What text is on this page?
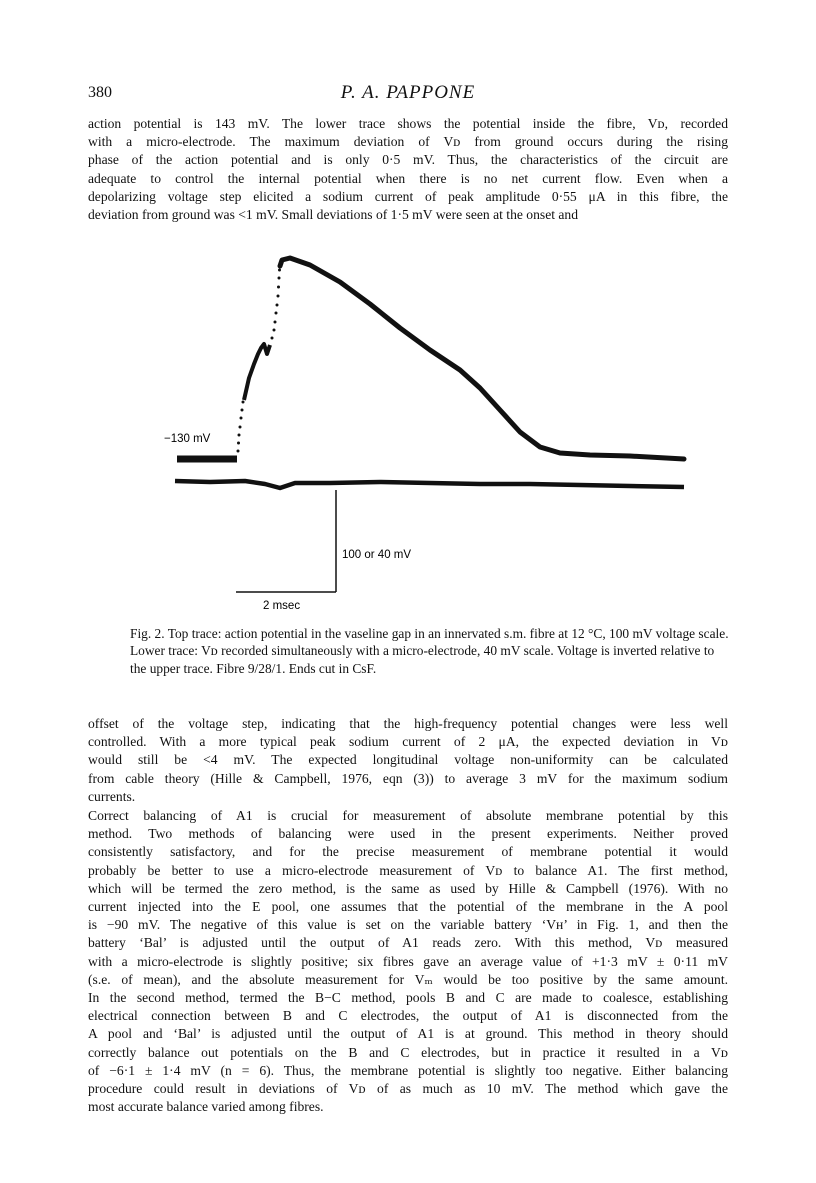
380	P. A. PAPPONE

action potential is 143 mV. The lower trace shows the potential inside the fibre, Vᴅ, recorded
with a micro-electrode. The maximum deviation of Vᴅ from ground occurs during the rising
phase of the action potential and is only 0·5 mV. Thus, the characteristics of the circuit are
adequate to control the internal potential when there is no net current flow. Even when a
depolarizing voltage step elicited a sodium current of peak amplitude 0·55 μA in this fibre, the
deviation from ground was <1 mV. Small deviations of 1·5 mV were seen at the onset and

−130 mV
100 or 40 mV
2 msec

Fig. 2. Top trace: action potential in the vaseline gap in an innervated s.m. fibre at 12 °C, 100 mV voltage scale. Lower trace: Vᴅ recorded simultaneously with a micro-electrode, 40 mV scale. Voltage is inverted relative to the upper trace. Fibre 9/28/1. Ends cut in CsF.

offset of the voltage step, indicating that the high-frequency potential changes were less well
controlled. With a more typical peak sodium current of 2 μA, the expected deviation in Vᴅ
would still be <4 mV. The expected longitudinal voltage non-uniformity can be calculated
from cable theory (Hille & Campbell, 1976, eqn (3)) to average 3 mV for the maximum sodium
currents.

Correct balancing of A1 is crucial for measurement of absolute membrane potential by this
method. Two methods of balancing were used in the present experiments. Neither proved
consistently satisfactory, and for the precise measurement of membrane potential it would
probably be better to use a micro-electrode measurement of Vᴅ to balance A1. The first method,
which will be termed the zero method, is the same as used by Hille & Campbell (1976). With no
current injected into the E pool, one assumes that the potential of the membrane in the A pool
is −90 mV. The negative of this value is set on the variable battery ‘Vʜ’ in Fig. 1, and then the
battery ‘Bal’ is adjusted until the output of A1 reads zero. With this method, Vᴅ measured
with a micro-electrode is slightly positive; six fibres gave an average value of +1·3 mV ± 0·11 mV
(s.e. of mean), and the absolute measurement for Vₘ would be too positive by the same amount.
In the second method, termed the B−C method, pools B and C are made to coalesce, establishing
electrical connection between B and C electrodes, the output of A1 is disconnected from the
A pool and ‘Bal’ is adjusted until the output of A1 is at ground. This method in theory should
correctly balance out potentials on the B and C electrodes, but in practice it resulted in a Vᴅ
of −6·1 ± 1·4 mV (n = 6). Thus, the membrane potential is slightly too negative. Either balancing
procedure could result in deviations of Vᴅ of as much as 10 mV. The method which gave the
most accurate balance varied among fibres.
